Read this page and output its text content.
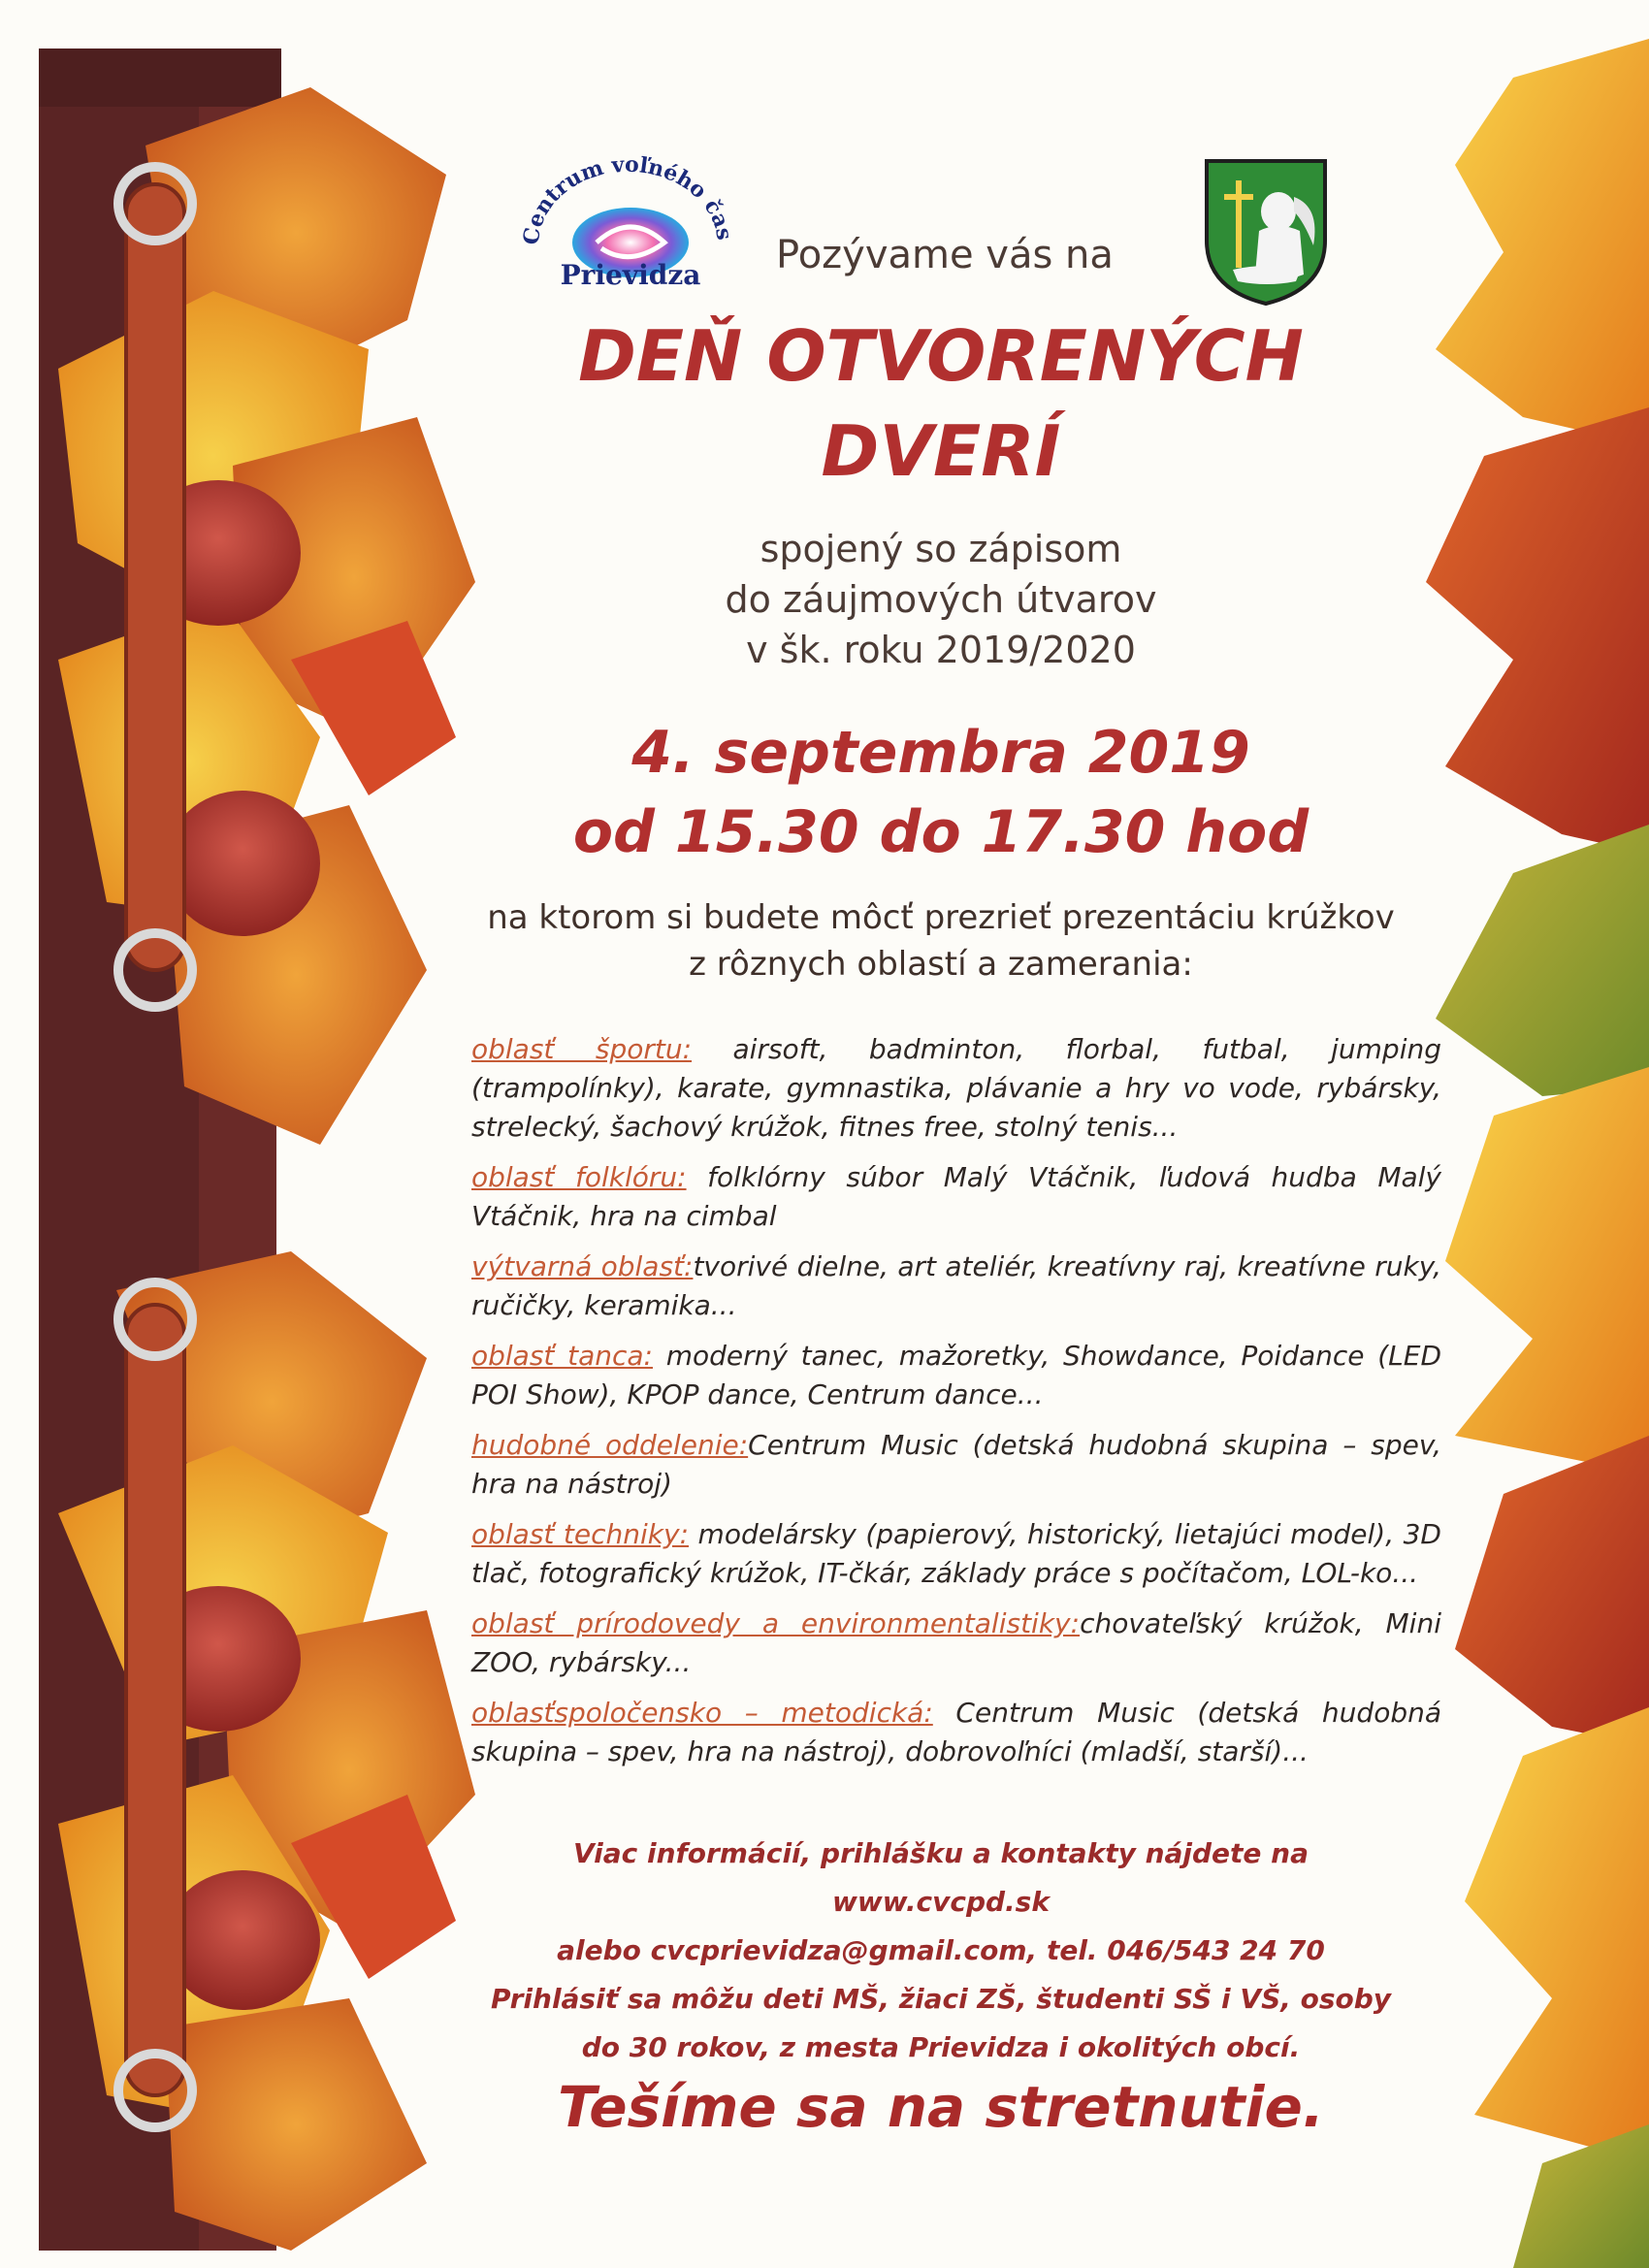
Centrum voľného čas
Prievidza Pozývame vás na
DEŇ OTVORENÝCH
DVERÍ
spojený so zápisom
do záujmových útvarov
v šk. roku 2019/2020
4. septembra 2019
od 15.30 do 17.30 hod
na ktorom si budete môcť prezrieť prezentáciu krúžkov
z rôznych oblastí a zamerania:
oblasť športu: airsoft, badminton, florbal, futbal, jumping (trampolínky), karate, gymnastika, plávanie a hry vo vode, rybársky, strelecký, šachový krúžok, fitnes free, stolný tenis...
oblasť folklóru: folklórny súbor Malý Vtáčnik, ľudová hudba Malý Vtáčnik, hra na cimbal
výtvarná oblasť:tvorivé dielne, art ateliér, kreatívny raj, kreatívne ruky, ručičky, keramika...
oblasť tanca: moderný tanec, mažoretky, Showdance, Poidance (LED POI Show), KPOP dance, Centrum dance...
hudobné oddelenie:Centrum Music (detská hudobná skupina – spev, hra na nástroj)
oblasť techniky: modelársky (papierový, historický, lietajúci model), 3D tlač, fotografický krúžok, IT-čkár, základy práce s počítačom, LOL-ko...
oblasť prírodovedy a environmentalistiky:chovateľský krúžok, Mini ZOO, rybársky...
oblasťspoločensko – metodická: Centrum Music (detská hudobná skupina – spev, hra na nástroj), dobrovoľníci (mladší, starší)...
Viac informácií, prihlášku a kontakty nájdete na www.cvcpd.sk
alebo cvcprievidza@gmail.com, tel. 046/543 24 70
Prihlásiť sa môžu deti MŠ, žiaci ZŠ, študenti SŠ i VŠ, osoby
do 30 rokov, z mesta Prievidza i okolitých obcí.
Tešíme sa na stretnutie.
